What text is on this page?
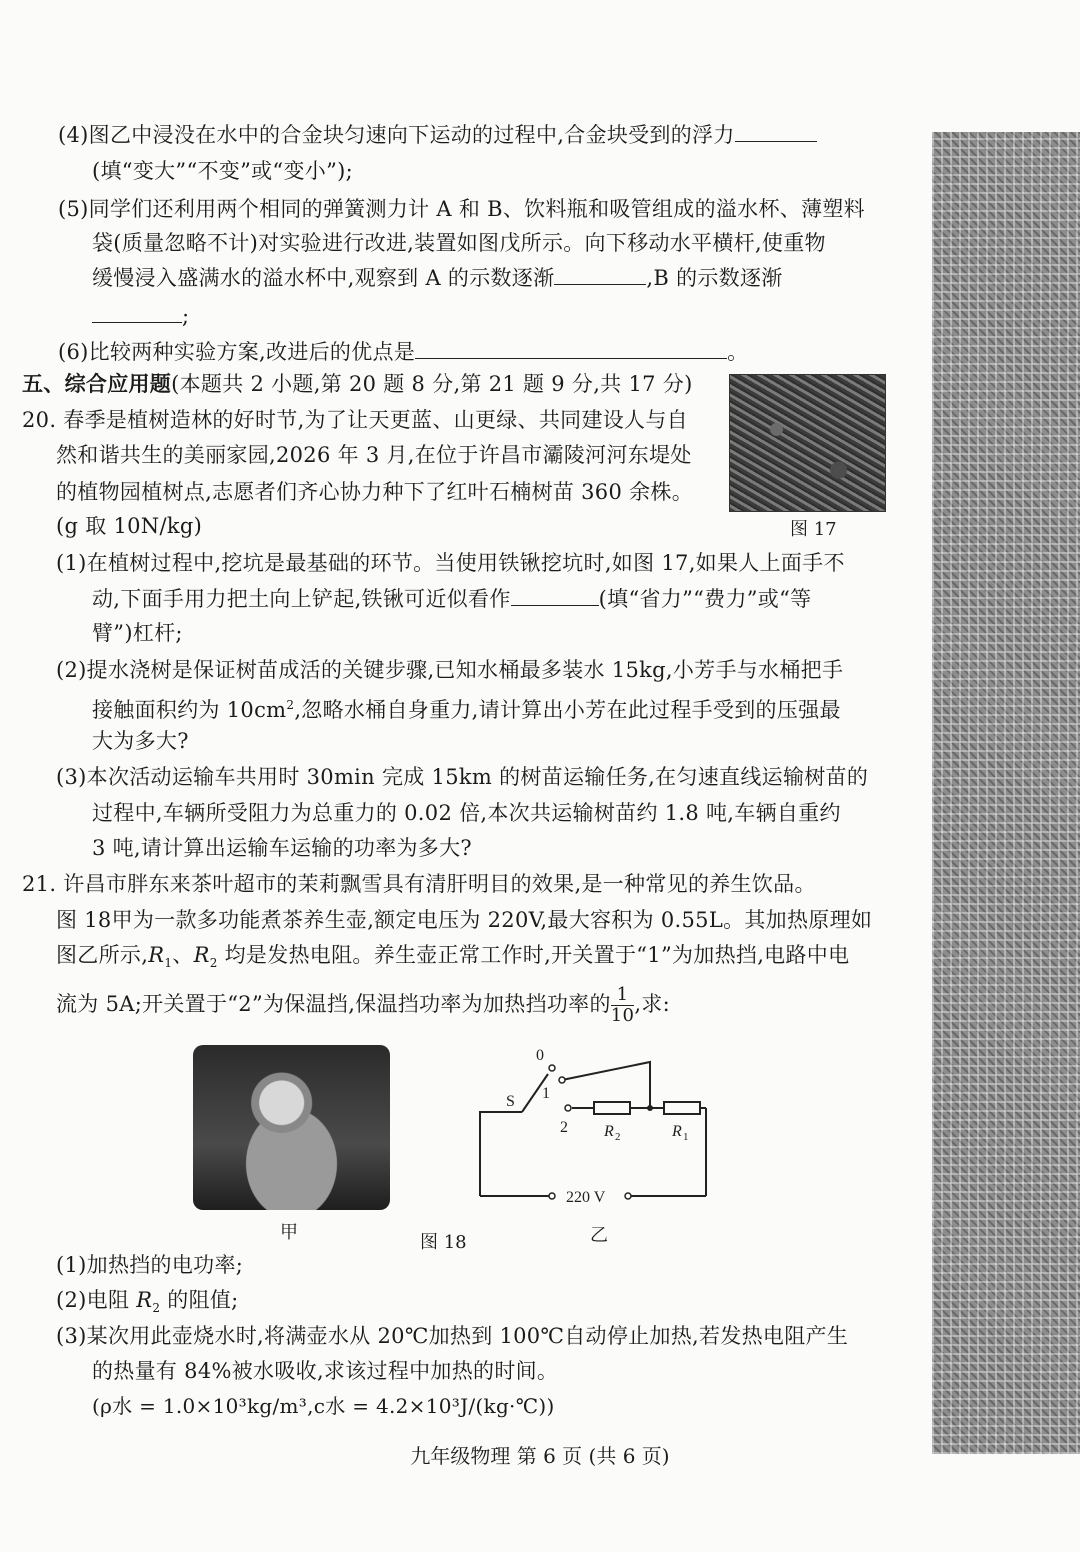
(4)图乙中浸没在水中的合金块匀速向下运动的过程中,合金块受到的浮力
(填“变大”“不变”或“变小”);
(5)同学们还利用两个相同的弹簧测力计 A 和 B、饮料瓶和吸管组成的溢水杯、薄塑料
袋(质量忽略不计)对实验进行改进,装置如图戊所示。向下移动水平横杆,使重物
缓慢浸入盛满水的溢水杯中,观察到 A 的示数逐渐	,B 的示数逐渐
;
(6)比较两种实验方案,改进后的优点是	。
五、综合应用题(本题共 2 小题,第 20 题 8 分,第 21 题 9 分,共 17 分)
20. 春季是植树造林的好时节,为了让天更蓝、山更绿、共同建设人与自
然和谐共生的美丽家园,2026 年 3 月,在位于许昌市灞陵河河东堤处
的植物园植树点,志愿者们齐心协力种下了红叶石楠树苗 360 余株。
(g 取 10N/kg)	图 17
(1)在植树过程中,挖坑是最基础的环节。当使用铁锹挖坑时,如图 17,如果人上面手不
动,下面手用力把土向上铲起,铁锹可近似看作	(填“省力”“费力”或“等
臂”)杠杆;
(2)提水浇树是保证树苗成活的关键步骤,已知水桶最多装水 15kg,小芳手与水桶把手
接触面积约为 $10cm^2$,忽略水桶自身重力,请计算出小芳在此过程手受到的压强最
大为多大?
(3)本次活动运输车共用时 30min 完成 15km 的树苗运输任务,在匀速直线运输树苗的
过程中,车辆所受阻力为总重力的 0.02 倍,本次共运输树苗约 1.8 吨,车辆自重约
3 吨,请计算出运输车运输的功率为多大?
21. 许昌市胖东来茶叶超市的茉莉飘雪具有清肝明目的效果,是一种常见的养生饮品。
图 18甲为一款多功能煮茶养生壶,额定电压为 220V,最大容积为 0.55L。其加热原理如
图乙所示$,R_1$、$R_2$ 均是发热电阻。养生壶正常工作时,开关置于“1”为加热挡,电路中电
流为 5A;开关置于“2”为保温挡,保温挡功率为加热挡功率的 $\frac{1}{10}$ ,求:
甲	图 18	乙
0
1
2
S
R 2	R 1
220 V
(1)加热挡的电功率;
(2)电阻 $R_2$ 的阻值;
(3)某次用此壶烧水时,将满壶水从 20℃加热到 100℃自动停止加热,若发热电阻产生
的热量有 84%被水吸收,求该过程中加热的时间。
(ρ水 = 1.0×10³kg/m³,c水 = 4.2×10³J/(kg·℃))
九年级物理 第 6 页 (共 6 页)
